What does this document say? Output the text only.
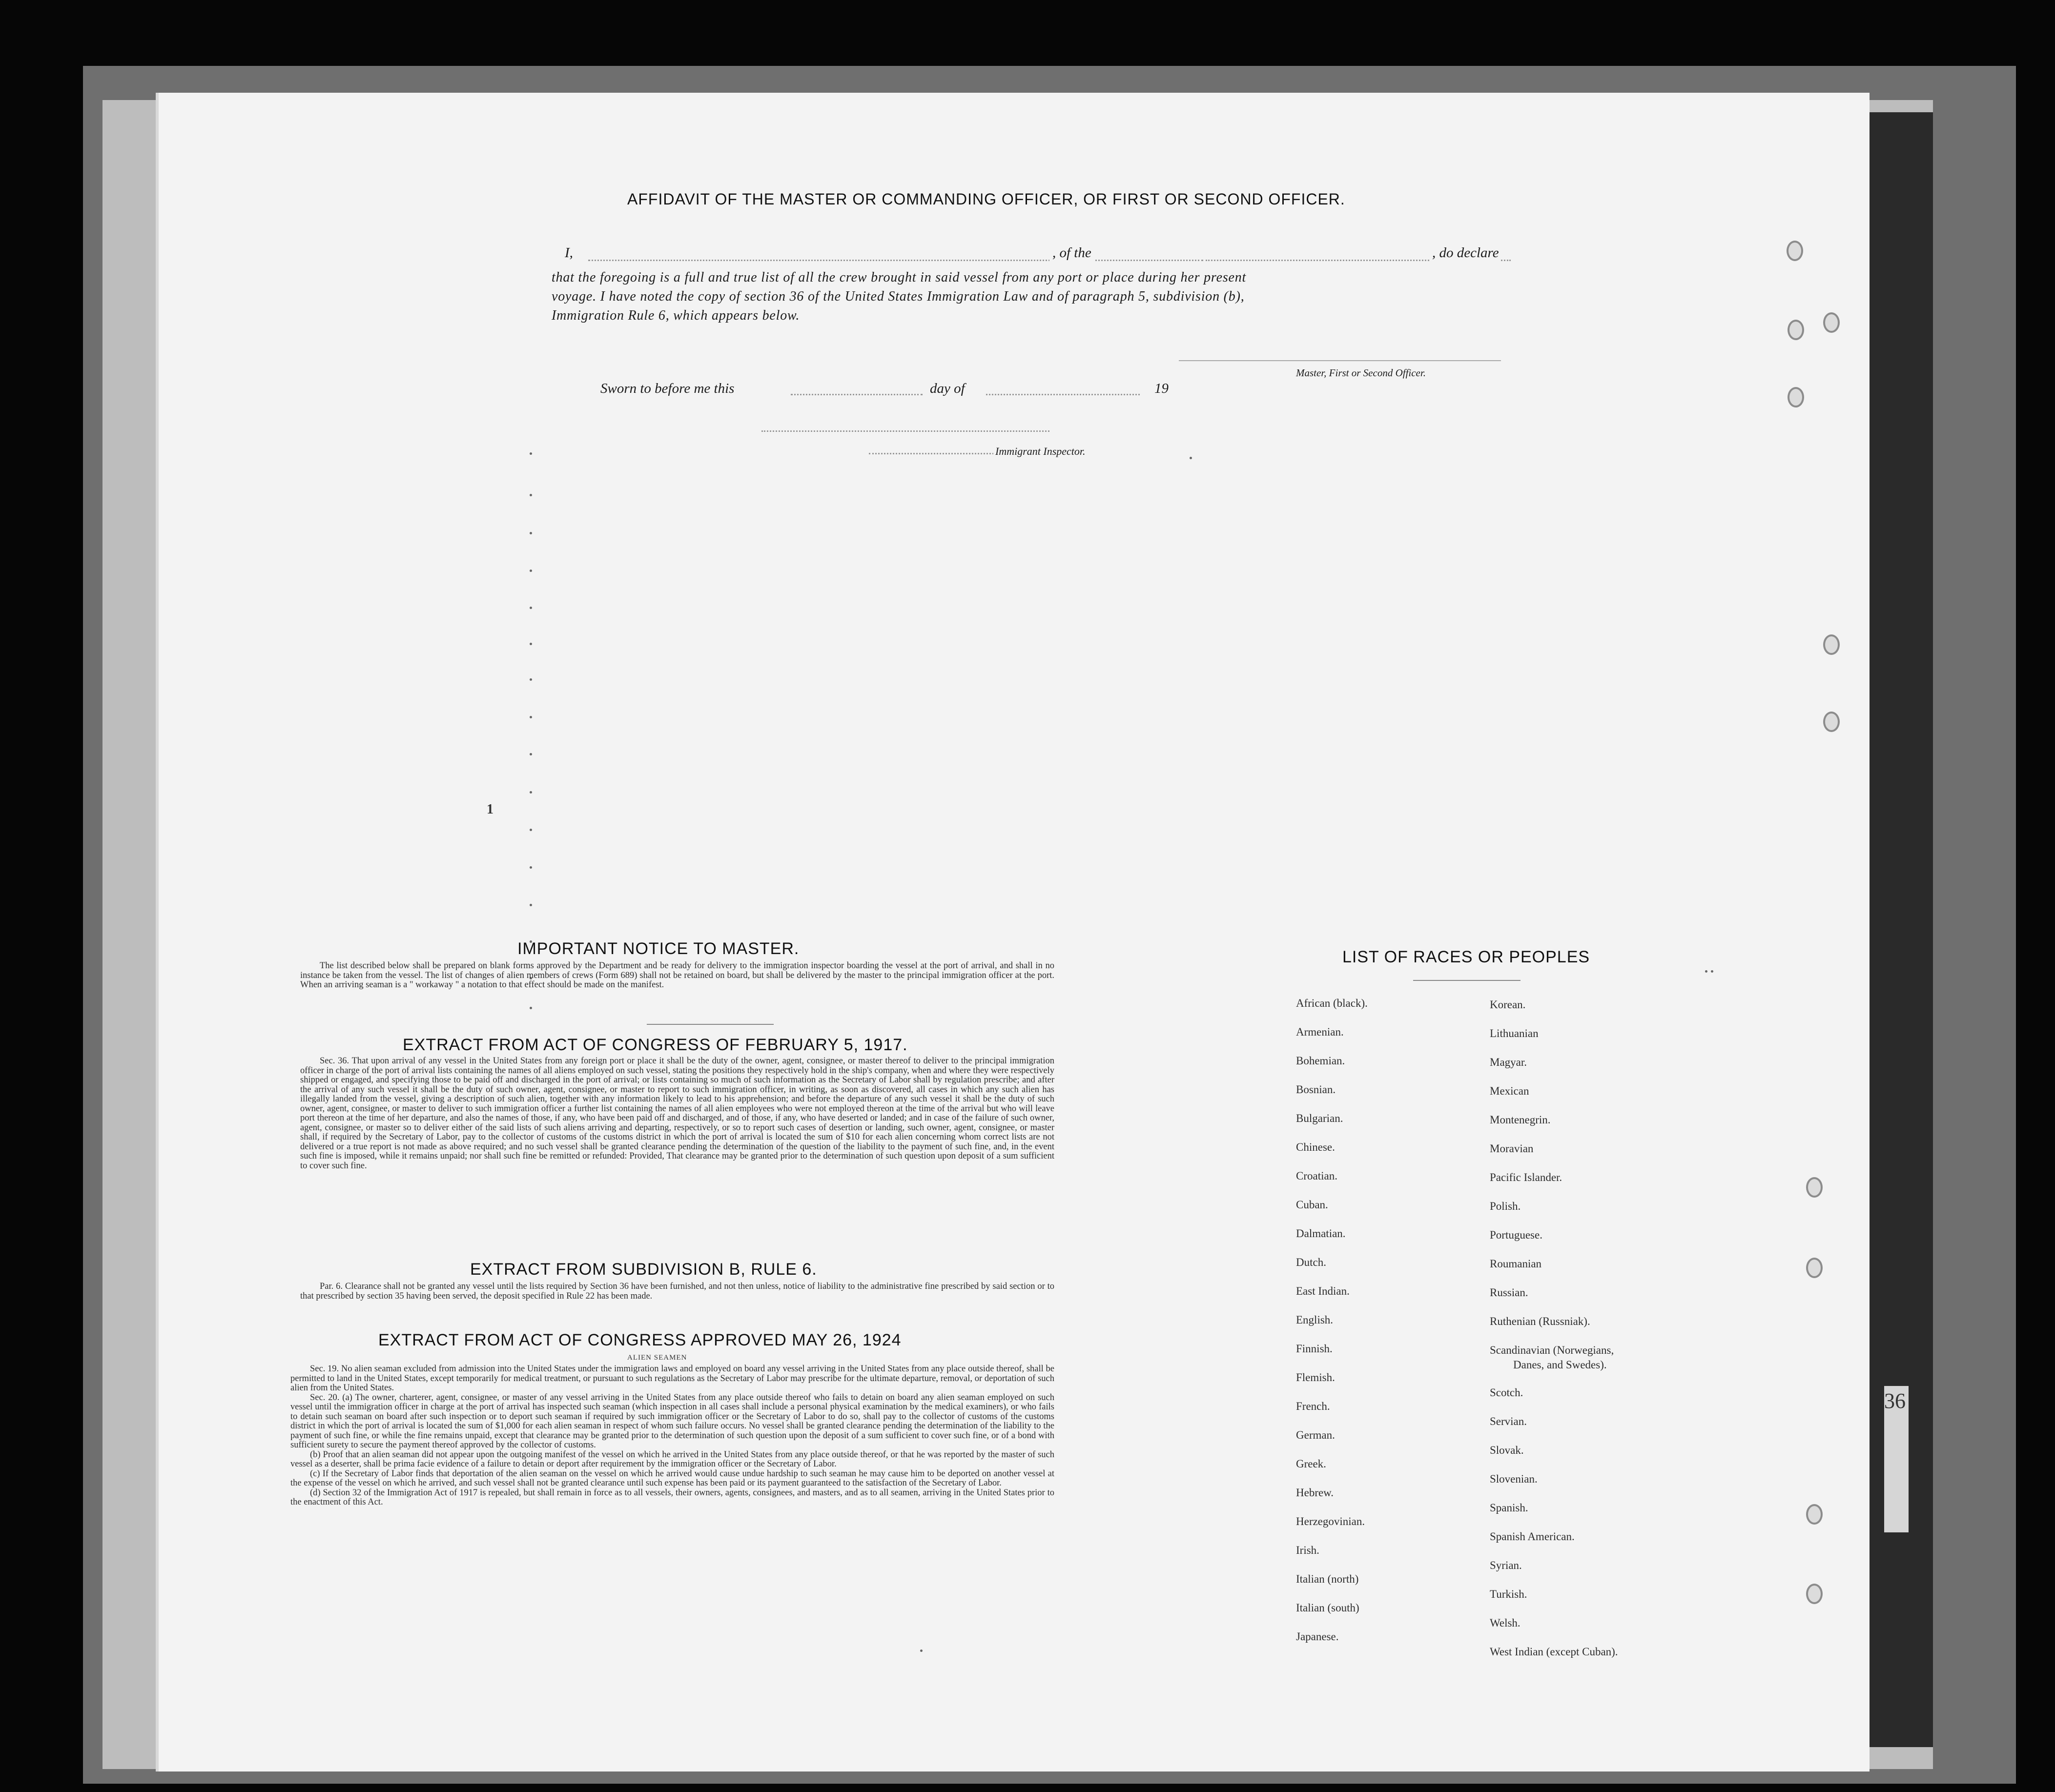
36
AFFIDAVIT OF THE MASTER OR COMMANDING OFFICER, OR FIRST OR SECOND OFFICER.
I,	, of the	, do declare
that the foregoing is a full and true list of all the crew brought in said vessel from any port or place during her present
voyage. I have noted the copy of section 36 of the United States Immigration Law and of paragraph 5, subdivision (b),
Immigration Rule 6, which appears below.
Master, First or Second Officer.
Sworn to before me this	day of	19
Immigrant Inspector.
1
IMPORTANT NOTICE TO MASTER.

The list described below shall be prepared on blank forms approved by the Department and be ready for delivery to the immigration inspector boarding the vessel at the port of arrival, and shall in no instance be taken from the vessel. The list of changes of alien members of crews (Form 689) shall not be retained on board, but shall be delivered by the master to the principal immigration officer at the port. When an arriving seaman is a " workaway " a notation to that effect should be made on the manifest.

EXTRACT FROM ACT OF CONGRESS OF FEBRUARY 5, 1917.

Sec. 36. That upon arrival of any vessel in the United States from any foreign port or place it shall be the duty of the owner, agent, consignee, or master thereof to deliver to the principal immigration officer in charge of the port of arrival lists containing the names of all aliens employed on such vessel, stating the positions they respectively hold in the ship's company, when and where they were respectively shipped or engaged, and specifying those to be paid off and discharged in the port of arrival; or lists containing so much of such information as the Secretary of Labor shall by regulation prescribe; and after the arrival of any such vessel it shall be the duty of such owner, agent, consignee, or master to report to such immigration officer, in writing, as soon as discovered, all cases in which any such alien has illegally landed from the vessel, giving a description of such alien, together with any information likely to lead to his apprehension; and before the departure of any such vessel it shall be the duty of such owner, agent, consignee, or master to deliver to such immigration officer a further list containing the names of all alien employees who were not employed thereon at the time of the arrival but who will leave port thereon at the time of her departure, and also the names of those, if any, who have been paid off and discharged, and of those, if any, who have deserted or landed; and in case of the failure of such owner, agent, consignee, or master so to deliver either of the said lists of such aliens arriving and departing, respectively, or so to report such cases of desertion or landing, such owner, agent, consignee, or master shall, if required by the Secretary of Labor, pay to the collector of customs of the customs district in which the port of arrival is located the sum of $10 for each alien concerning whom correct lists are not delivered or a true report is not made as above required; and no such vessel shall be granted clearance pending the determination of the question of the liability to the payment of such fine, and, in the event such fine is imposed, while it remains unpaid; nor shall such fine be remitted or refunded: Provided, That clearance may be granted prior to the determination of such question upon deposit of a sum sufficient to cover such fine.

EXTRACT FROM SUBDIVISION B, RULE 6.

Par. 6. Clearance shall not be granted any vessel until the lists required by Section 36 have been furnished, and not then unless, notice of liability to the administrative fine prescribed by said section or to that prescribed by section 35 having been served, the deposit specified in Rule 22 has been made.

EXTRACT FROM ACT OF CONGRESS APPROVED MAY 26, 1924
ALIEN SEAMEN

Sec. 19. No alien seaman excluded from admission into the United States under the immigration laws and employed on board any vessel arriving in the United States from any place outside thereof, shall be permitted to land in the United States, except temporarily for medical treatment, or pursuant to such regulations as the Secretary of Labor may prescribe for the ultimate departure, removal, or deportation of such alien from the United States.

Sec. 20. (a) The owner, charterer, agent, consignee, or master of any vessel arriving in the United States from any place outside thereof who fails to detain on board any alien seaman employed on such vessel until the immigration officer in charge at the port of arrival has inspected such seaman (which inspection in all cases shall include a personal physical examination by the medical examiners), or who fails to detain such seaman on board after such inspection or to deport such seaman if required by such immigration officer or the Secretary of Labor to do so, shall pay to the collector of customs of the customs district in which the port of arrival is located the sum of $1,000 for each alien seaman in respect of whom such failure occurs. No vessel shall be granted clearance pending the determination of the liability to the payment of such fine, or while the fine remains unpaid, except that clearance may be granted prior to the determination of such question upon the deposit of a sum sufficient to cover such fine, or of a bond with sufficient surety to secure the payment thereof approved by the collector of customs.

(b) Proof that an alien seaman did not appear upon the outgoing manifest of the vessel on which he arrived in the United States from any place outside thereof, or that he was reported by the master of such vessel as a deserter, shall be prima facie evidence of a failure to detain or deport after requirement by the immigration officer or the Secretary of Labor.

(c) If the Secretary of Labor finds that deportation of the alien seaman on the vessel on which he arrived would cause undue hardship to such seaman he may cause him to be deported on another vessel at the expense of the vessel on which he arrived, and such vessel shall not be granted clearance until such expense has been paid or its payment guaranteed to the satisfaction of the Secretary of Labor.

(d) Section 32 of the Immigration Act of 1917 is repealed, but shall remain in force as to all vessels, their owners, agents, consignees, and masters, and as to all seamen, arriving in the United States prior to the enactment of this Act.

LIST OF RACES OR PEOPLES
African (black).
Armenian.
Bohemian.
Bosnian.
Bulgarian.
Chinese.
Croatian.
Cuban.
Dalmatian.
Dutch.
East Indian.
English.
Finnish.
Flemish.
French.
German.
Greek.
Hebrew.
Herzegovinian.
Irish.
Italian (north)
Italian (south)
Japanese.
Korean.
Lithuanian
Magyar.
Mexican
Montenegrin.
Moravian
Pacific Islander.
Polish.
Portuguese.
Roumanian
Russian.
Ruthenian (Russniak).
Scandinavian (Norwegians,
Danes, and Swedes).
Scotch.
Servian.
Slovak.
Slovenian.
Spanish.
Spanish American.
Syrian.
Turkish.
Welsh.
West Indian (except Cuban).
